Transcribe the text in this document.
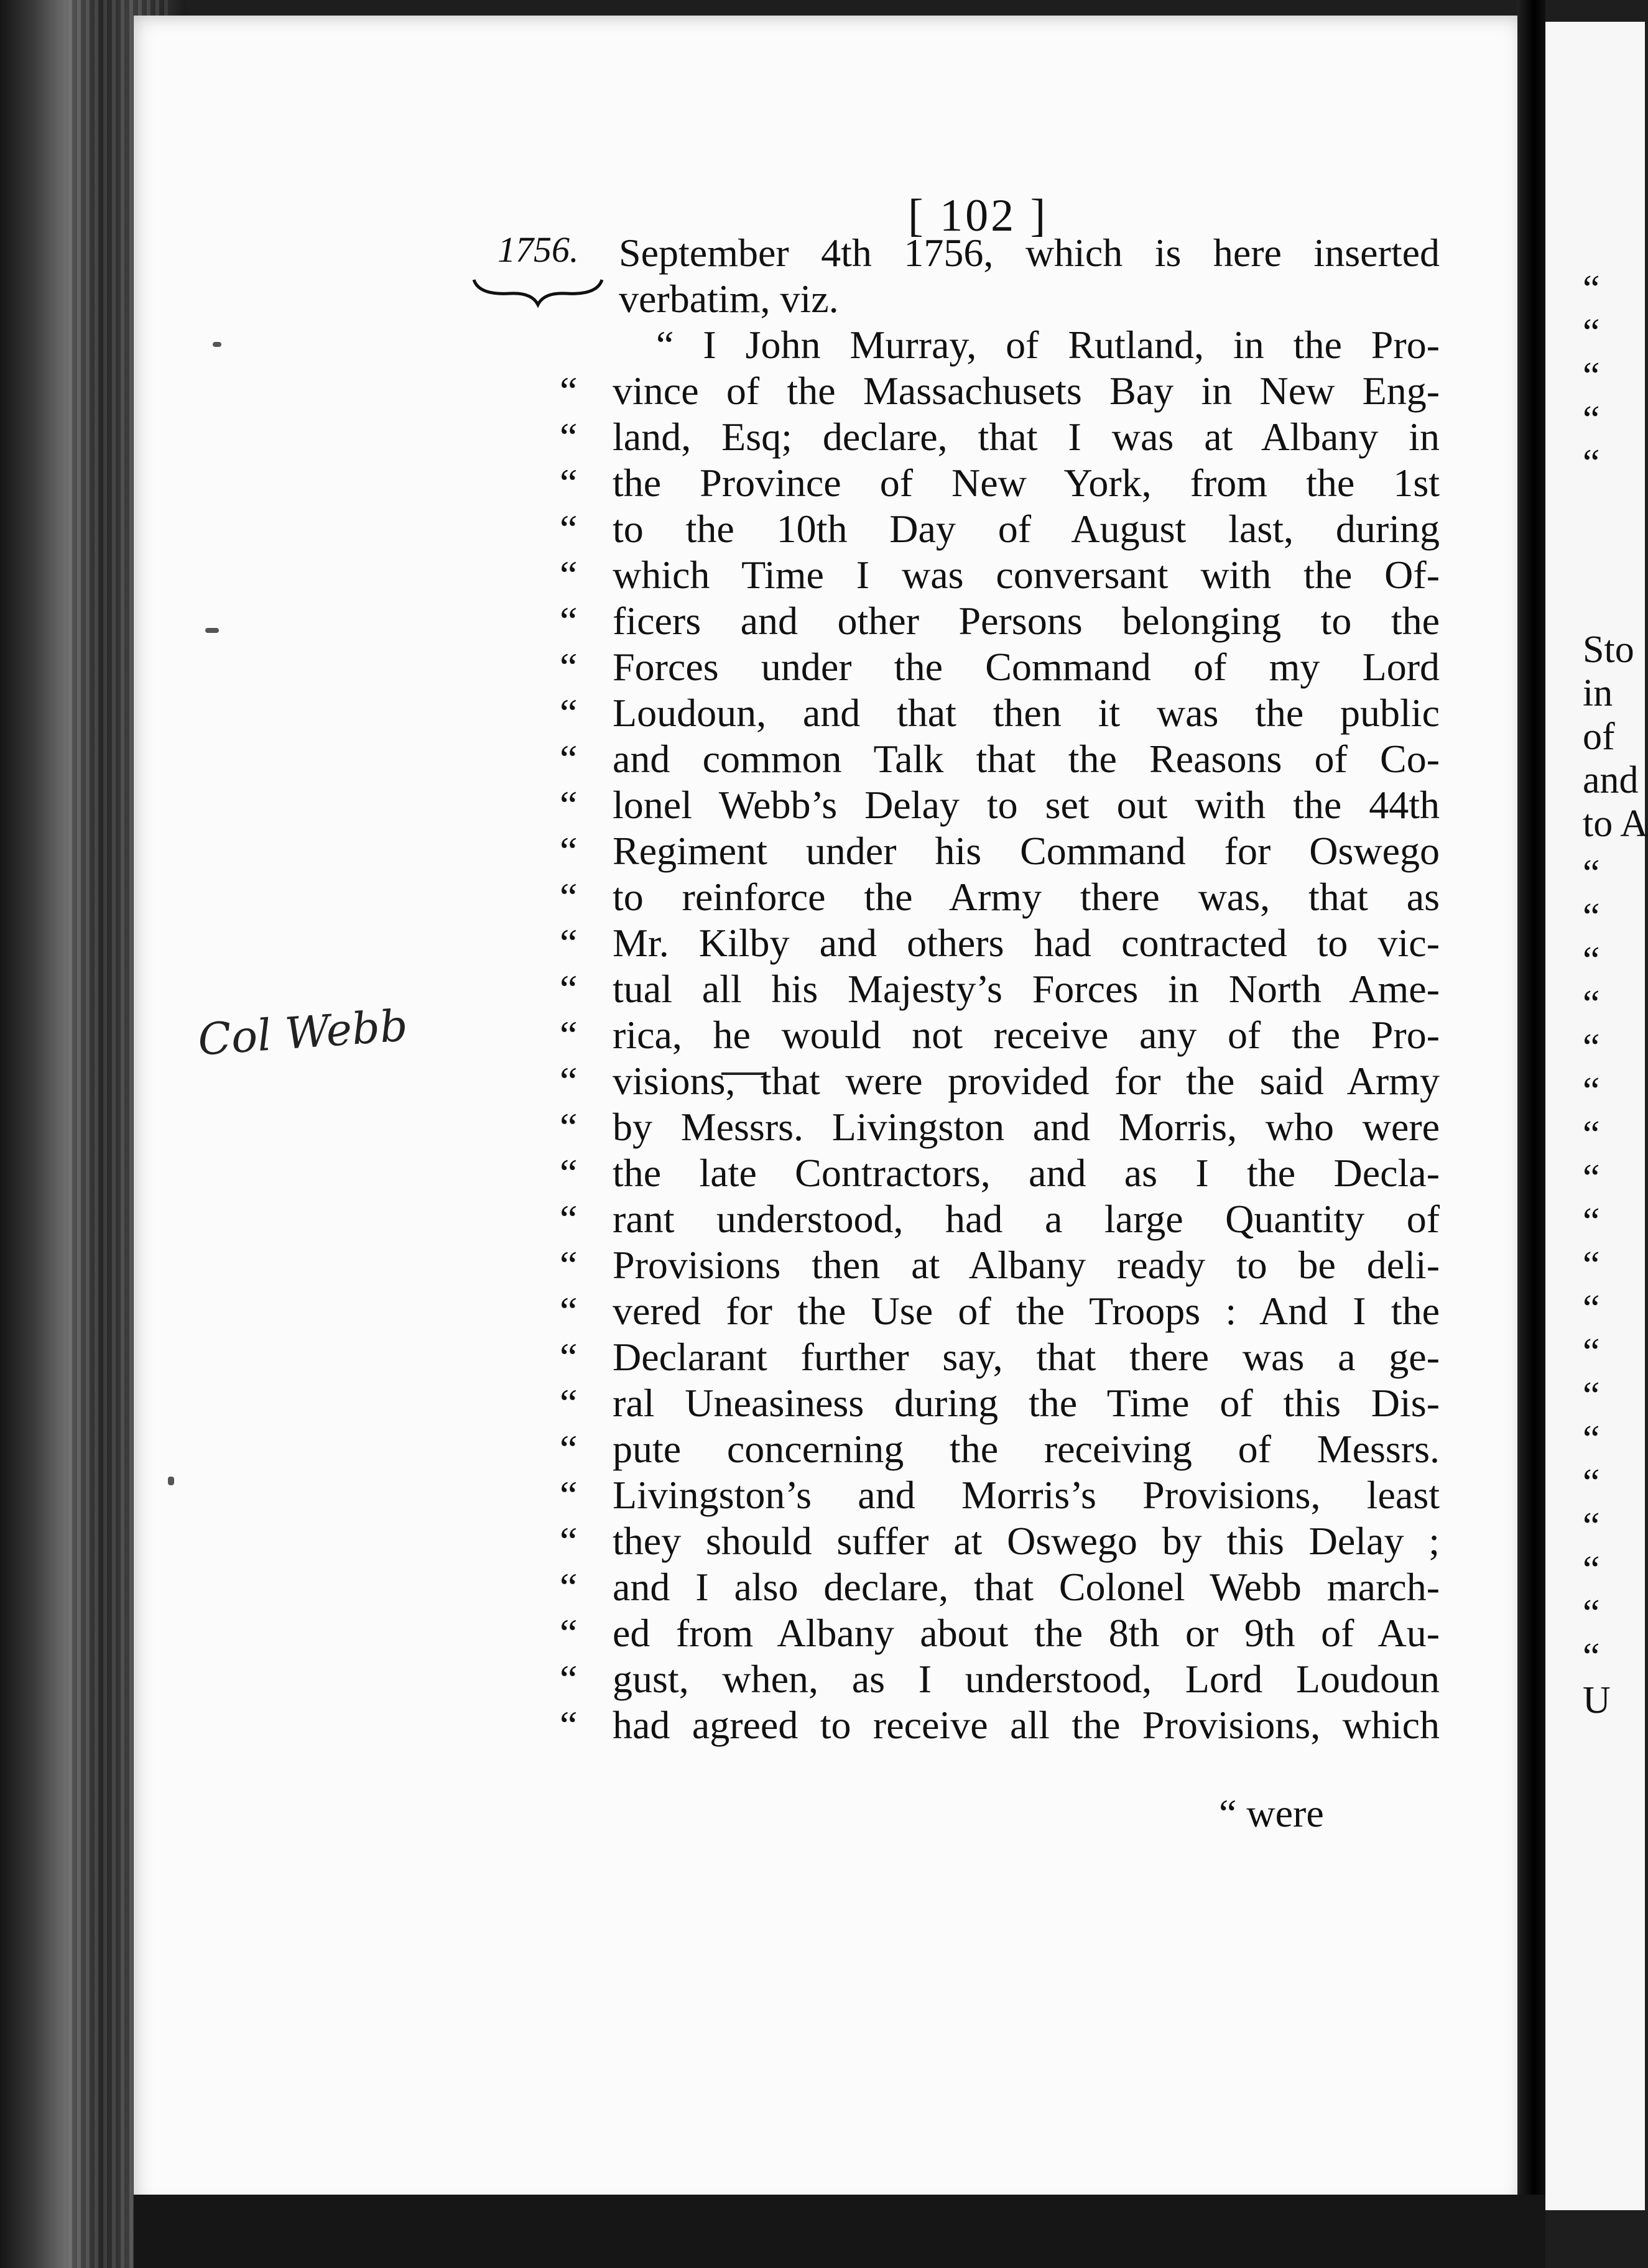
[ 102 ]
1756.
Col Webb
September 4th 1756, which is here inserted
verbatim, viz.
“ I John Murray, of Rutland, in the Pro-
“ vince of the Massachusets Bay in New Eng-
“ land, Esq; declare, that I was at Albany in
“ the Province of New York, from the 1st
“ to the 10th Day of August last, during
“ which Time I was conversant with the Of-
“ ficers and other Persons belonging to the
“ Forces under the Command of my Lord
“ Loudoun, and that then it was the public
“ and common Talk that the Reasons of Co-
“ lonel Webb’s Delay to set out with the 44th
“ Regiment under his Command for Oswego
“ to reinforce the Army there was, that as
“ Mr. Kilby and others had contracted to vic-
“ tual all his Majesty’s Forces in North Ame-
“ rica, he would not receive any of the Pro-
“ visions, that were provided for the said Army
“ by Messrs. Livingston and Morris, who were
“ the late Contractors, and as I the Decla-
“ rant understood, had a large Quantity of
“ Provisions then at Albany ready to be deli-
“ vered for the Use of the Troops : And I the
“ Declarant further say, that there was a ge-
“ ral Uneasiness during the Time of this Dis-
“ pute concerning the receiving of Messrs.
“ Livingston’s and Morris’s Provisions, least
“ they should suffer at Oswego by this Delay ;
“ and I also declare, that Colonel Webb march-
“ ed from Albany about the 8th or 9th of Au-
“ gust, when, as I understood, Lord Loudoun
“ had agreed to receive all the Provisions, which
“ were
“
“
“
“
“
Sto
in
of
and
to A
“
“
“
“
“
“
“
“
“
“
“
“
“
“
“
“
“
“
“
U
